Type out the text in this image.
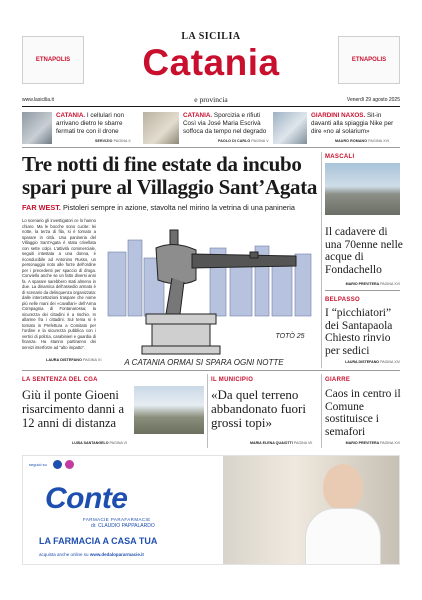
ETNAPOLIS	ETNAPOLIS
LA SICILIA
Catania
www.lasicilia.it	e provincia	Venerdì 29 agosto 2025
CATANIA. I cellulari non arrivano dietro le sbarre fermati tre con il drone
SERVIZIO PAGINA II
CATANIA. Sporcizia e rifiuti Così via José Maria Escrivà soffoca da tempo nel degrado
PAOLO DI CARLO PAGINA V
GIARDINI NAXOS. Sit-in davanti alla spiaggia Nike per dire «no al solarium»
MAURO ROMANO PAGINA XVI
Tre notti di fine estate da incubo
spari pure al Villaggio Sant’Agata
FAR WEST. Pistoleri sempre in azione, stavolta nel mirino la vetrina di una panineria
Lo scenario gli investigatori ce lo hanno chiaro. Ma le bocche sono cucite: lei notte, la terza di fila, si è tornato a sparare in città. Una panineria del Villaggio Sant’Agata è stata crivellata con sette colpi. L’attività commerciale, seguiti intestata a una donna, è riconducibile ad Antonino Russo, un personaggio noto alle forze dell’ordine per i precedenti per spaccio di droga. Conviello anche se un fatto diversi anni fa. A sparare sarebbero stati almeno in due. La dinamica dell’assedio armato è di scenario da delinquenza organizzata: dalle intercettazioni traspare che nome più nelle mani dei «cavallari» dell’Arma Compagnia di Fontanarossa; la sicurezza dei cittadini è a rischio. In allarme fra i cittadini. Sul tema si è tornato in Prefettura a Comitato per l’ordine e la sicurezza pubblica con i vertici di polizia, carabinieri e guardia di finanza. Ha stanno partiranno dei servizi interforze ad “alto impatto”.
LAURA DISTEFANO PAGINA XI	A CATANIA ORMAI SI SPARA OGNI NOTTE
TOTÒ 25
MASCALI
Il cadavere di una 70enne nelle acque di Fondachello
MARIO PREVITERA PAGINA XVI
BELPASSO
I “picchiatori” dei Santapaola Chiesto rinvio per sedici
LAURA DISTEFANO PAGINA XIV
LA SENTENZA DEL CGA
Giù il ponte Gioeni risarcimento danni a 12 anni di distanza
LUISA SANTANGELO PAGINA VI
IL MUNICIPIO
«Da quel terreno abbandonato fuori grossi topi»
MARIA ELENA QUAIOTTI PAGINA VII
GIARRE
Caos in centro il Comune sostituisce i semafori
MARIO PREVITERA PAGINA XVI
seguici su
Conte
FARMACIE PARAFARMACIE
dr. CLAUDIO PAPPALARDO
LA FARMACIA A CASA TUA
acquista anche online su www.dedalopararmacie.it
